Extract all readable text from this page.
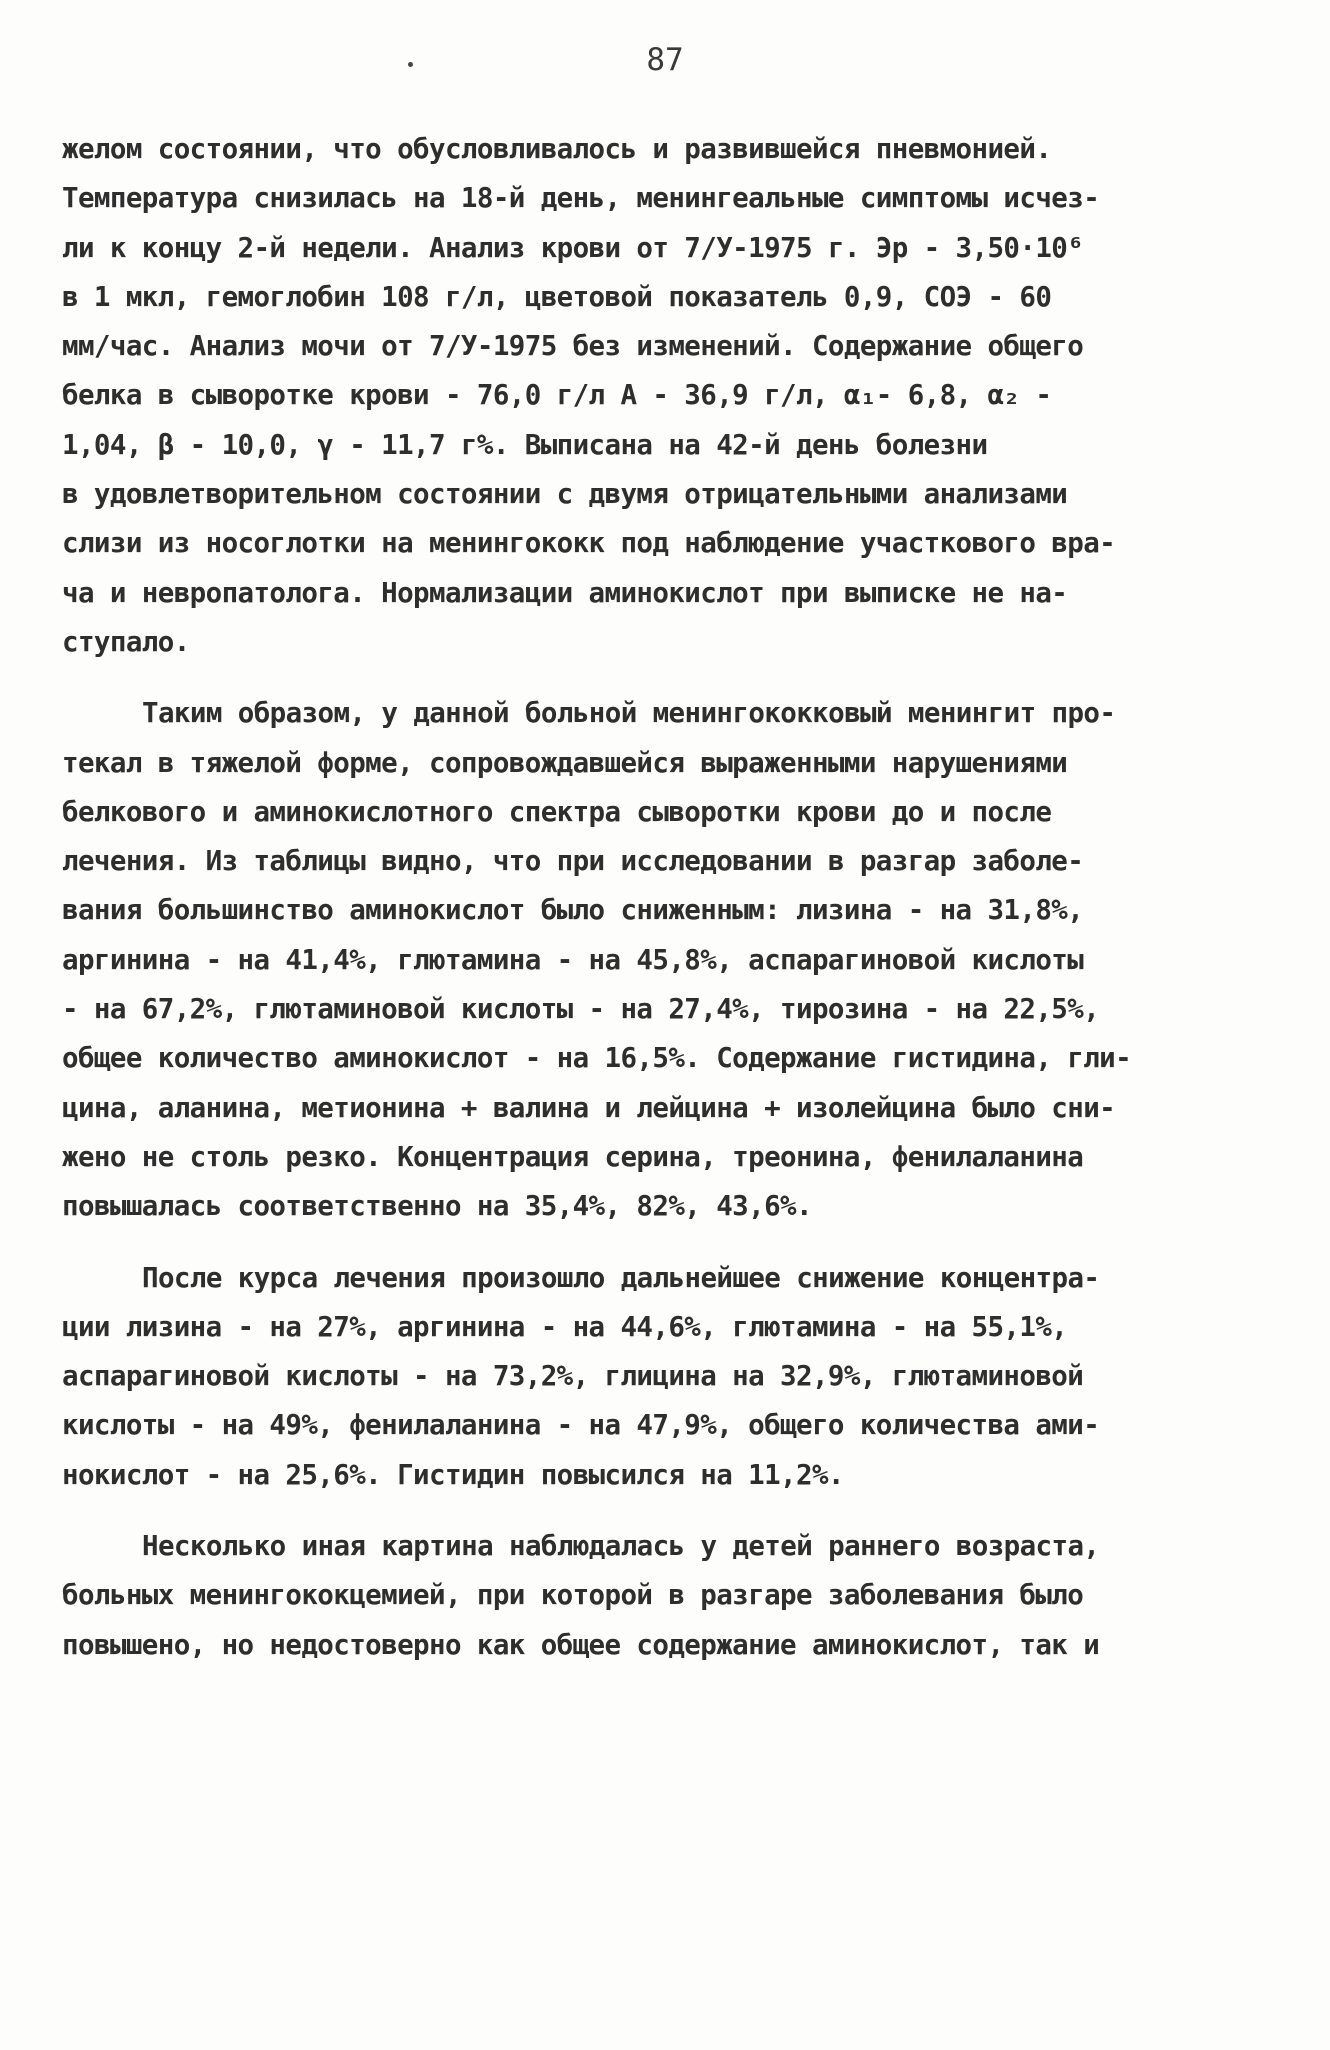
87
желом состоянии, что обусловливалось и развившейся пневмонией.
Температура снизилась на 18-й день, менингеальные симптомы исчез-
ли к концу 2-й недели. Анализ крови от 7/У-1975 г. Эр - 3,50·10⁶
в 1 мкл, гемоглобин 108 г/л, цветовой показатель 0,9, СОЭ - 60
мм/час. Анализ мочи от 7/У-1975 без изменений. Содержание общего
белка в сыворотке крови - 76,0 г/л А - 36,9 г/л, α₁- 6,8, α₂ -
1,04, β - 10,0, γ - 11,7 г%. Выписана на 42-й день болезни
в удовлетворительном состоянии с двумя отрицательными анализами
слизи из носоглотки на менингококк под наблюдение участкового вра-
ча и невропатолога. Нормализации аминокислот при выписке не на-
ступало.
Таким образом, у данной больной менингококковый менингит про-
текал в тяжелой форме, сопровождавшейся выраженными нарушениями
белкового и аминокислотного спектра сыворотки крови до и после
лечения. Из таблицы видно, что при исследовании в разгар заболе-
вания большинство аминокислот было сниженным: лизина - на 31,8%,
аргинина - на 41,4%, глютамина - на 45,8%, аспарагиновой кислоты
- на 67,2%, глютаминовой кислоты - на 27,4%, тирозина - на 22,5%,
общее количество аминокислот - на 16,5%. Содержание гистидина, гли-
цина, аланина, метионина + валина и лейцина + изолейцина было сни-
жено не столь резко. Концентрация серина, треонина, фенилаланина
повышалась соответственно на 35,4%, 82%, 43,6%.
После курса лечения произошло дальнейшее снижение концентра-
ции лизина - на 27%, аргинина - на 44,6%, глютамина - на 55,1%,
аспарагиновой кислоты - на 73,2%, глицина на 32,9%, глютаминовой
кислоты - на 49%, фенилаланина - на 47,9%, общего количества ами-
нокислот - на 25,6%. Гистидин повысился на 11,2%.
Несколько иная картина наблюдалась у детей раннего возраста,
больных менингококцемией, при которой в разгаре заболевания было
повышено, но недостоверно как общее содержание аминокислот, так и
